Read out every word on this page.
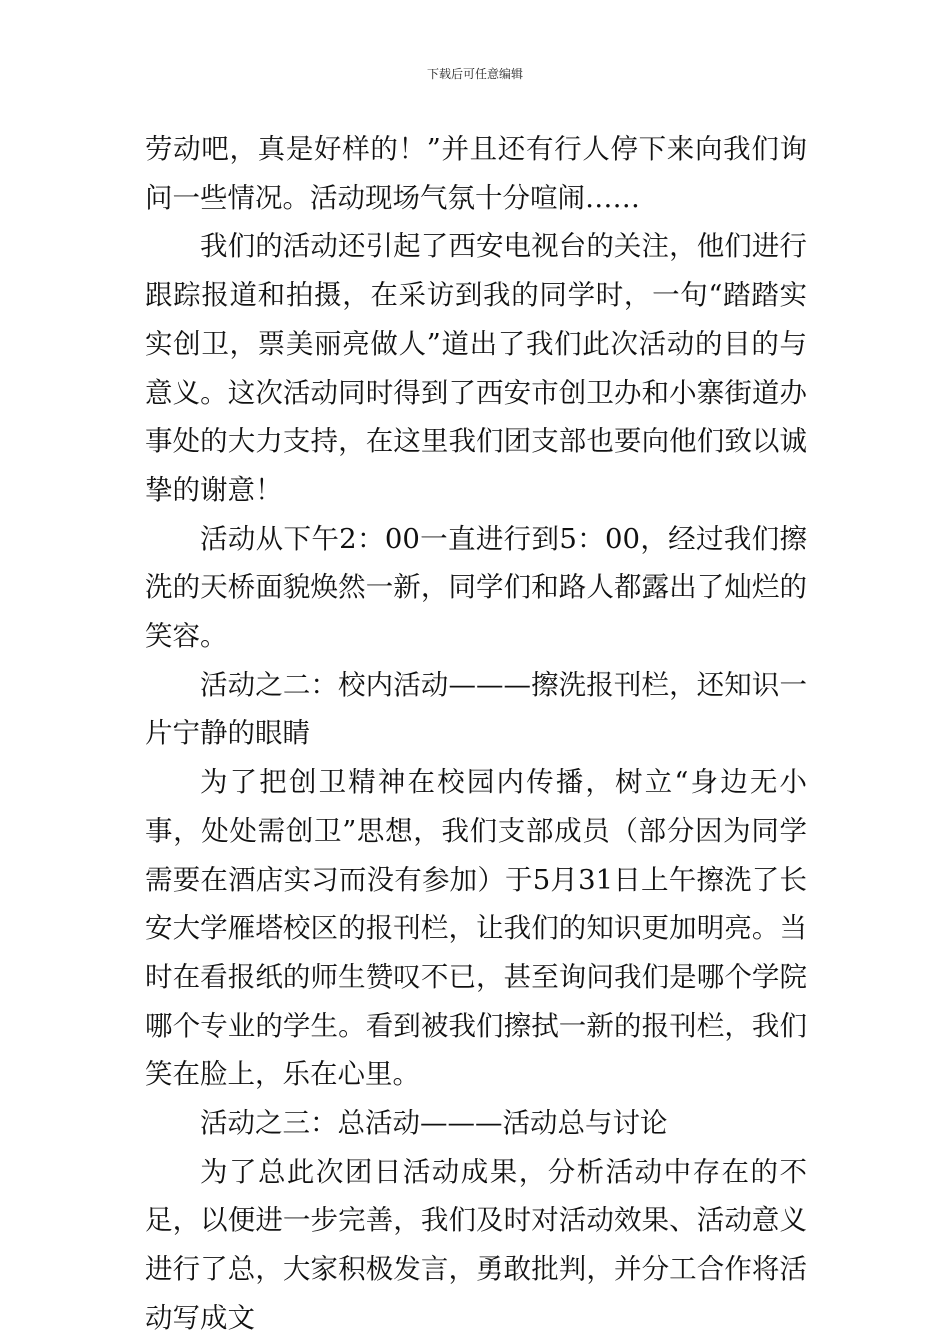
下载后可任意编辑

劳动吧，真是好样的！”并且还有行人停下来向我们询问一些情况。活动现场气氛十分喧闹……

我们的活动还引起了西安电视台的关注，他们进行跟踪报道和拍摄，在采访到我的同学时，一句“踏踏实实创卫，票美丽亮做人”道出了我们此次活动的目的与意义。这次活动同时得到了西安市创卫办和小寨街道办事处的大力支持，在这里我们团支部也要向他们致以诚挚的谢意！

活动从下午2：00一直进行到5：00，经过我们擦洗的天桥面貌焕然一新，同学们和路人都露出了灿烂的笑容。

活动之二：校内活动———擦洗报刊栏，还知识一片宁静的眼睛

为了把创卫精神在校园内传播，树立“身边无小事，处处需创卫”思想，我们支部成员（部分因为同学需要在酒店实习而没有参加）于5月31日上午擦洗了长安大学雁塔校区的报刊栏，让我们的知识更加明亮。当时在看报纸的师生赞叹不已，甚至询问我们是哪个学院哪个专业的学生。看到被我们擦拭一新的报刊栏，我们笑在脸上，乐在心里。

活动之三：总活动———活动总与讨论

为了总此次团日活动成果，分析活动中存在的不足，以便进一步完善，我们及时对活动效果、活动意义进行了总，大家积极发言，勇敢批判，并分工合作将活动写成文
